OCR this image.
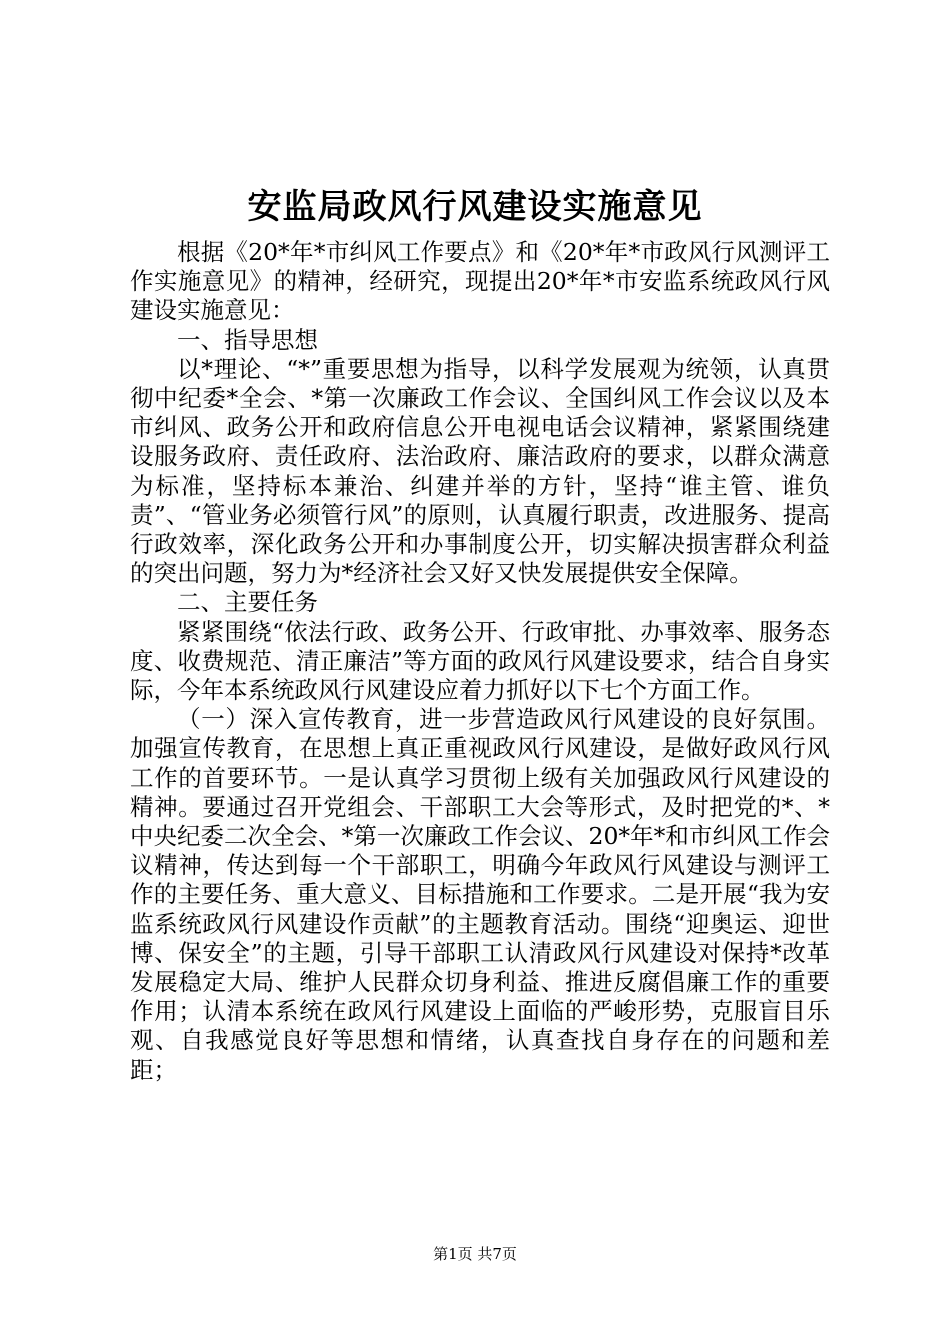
安监局政风行风建设实施意见

根据《20*年*市纠风工作要点》和《20*年*市政风行风测评工作实施意见》的精神，经研究，现提出20*年*市安监系统政风行风建设实施意见：

一、指导思想

以*理论、“*”重要思想为指导，以科学发展观为统领，认真贯彻中纪委*全会、*第一次廉政工作会议、全国纠风工作会议以及本市纠风、政务公开和政府信息公开电视电话会议精神，紧紧围绕建设服务政府、责任政府、法治政府、廉洁政府的要求，以群众满意为标准，坚持标本兼治、纠建并举的方针，坚持“谁主管、谁负责”、“管业务必须管行风”的原则，认真履行职责，改进服务、提高行政效率，深化政务公开和办事制度公开，切实解决损害群众利益的突出问题，努力为*经济社会又好又快发展提供安全保障。

二、主要任务

紧紧围绕“依法行政、政务公开、行政审批、办事效率、服务态度、收费规范、清正廉洁”等方面的政风行风建设要求，结合自身实际，今年本系统政风行风建设应着力抓好以下七个方面工作。

（一）深入宣传教育，进一步营造政风行风建设的良好氛围。加强宣传教育，在思想上真正重视政风行风建设，是做好政风行风工作的首要环节。一是认真学习贯彻上级有关加强政风行风建设的精神。要通过召开党组会、干部职工大会等形式，及时把党的*、*中央纪委二次全会、*第一次廉政工作会议、20*年*和市纠风工作会议精神，传达到每一个干部职工，明确今年政风行风建设与测评工作的主要任务、重大意义、目标措施和工作要求。二是开展“我为安监系统政风行风建设作贡献”的主题教育活动。围绕“迎奥运、迎世博、保安全”的主题，引导干部职工认清政风行风建设对保持*改革发展稳定大局、维护人民群众切身利益、推进反腐倡廉工作的重要作用；认清本系统在政风行风建设上面临的严峻形势，克服盲目乐观、自我感觉良好等思想和情绪，认真查找自身存在的问题和差距；

第1页 共7页
